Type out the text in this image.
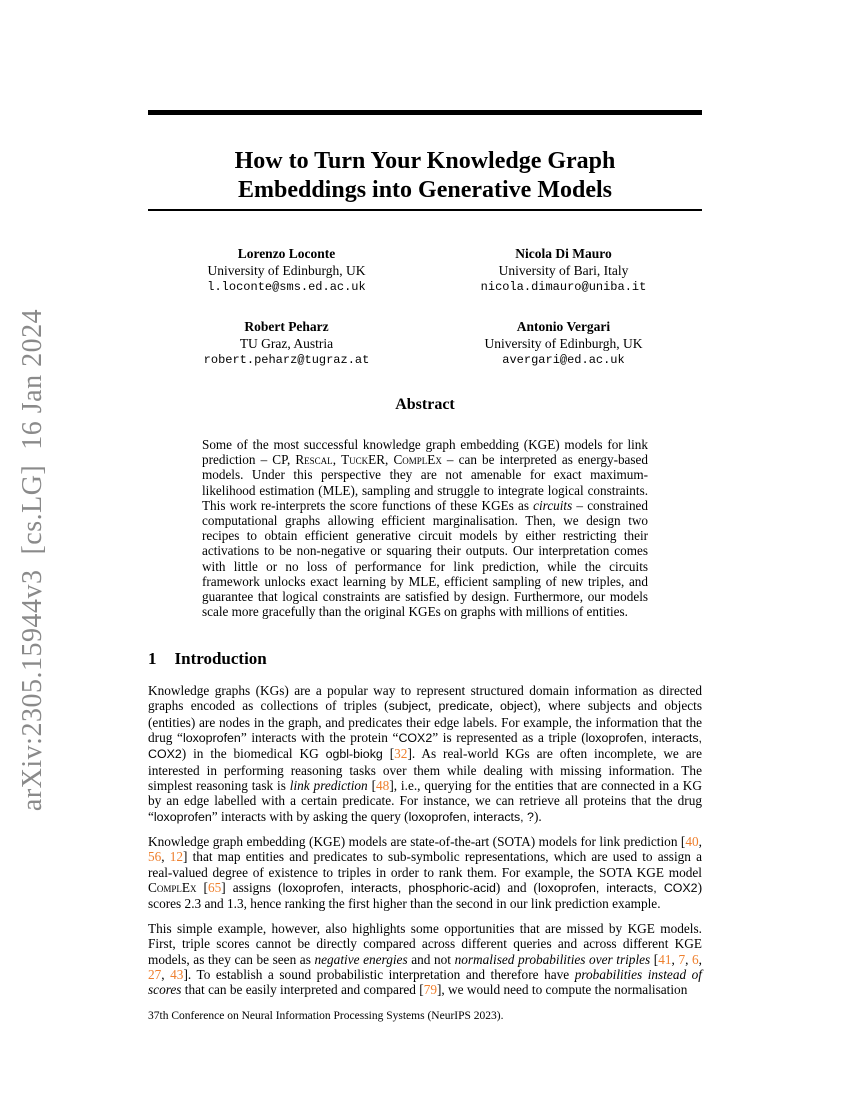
arXiv:2305.15944v3  [cs.LG]  16 Jan 2024
How to Turn Your Knowledge Graph
Embeddings into Generative Models
Lorenzo Loconte
University of Edinburgh, UK
l.loconte@sms.ed.ac.uk
Nicola Di Mauro
University of Bari, Italy
nicola.dimauro@uniba.it
Robert Peharz
TU Graz, Austria
robert.peharz@tugraz.at
Antonio Vergari
University of Edinburgh, UK
avergari@ed.ac.uk
Abstract
Some of the most successful knowledge graph embedding (KGE) models for link prediction – CP, Rescal, TuckER, ComplEx – can be interpreted as energy-based models. Under this perspective they are not amenable for exact maximum-likelihood estimation (MLE), sampling and struggle to integrate logical constraints. This work re-interprets the score functions of these KGEs as circuits – constrained computational graphs allowing efficient marginalisation. Then, we design two recipes to obtain efficient generative circuit models by either restricting their activations to be non-negative or squaring their outputs. Our interpretation comes with little or no loss of performance for link prediction, while the circuits framework unlocks exact learning by MLE, efficient sampling of new triples, and guarantee that logical constraints are satisfied by design. Furthermore, our models scale more gracefully than the original KGEs on graphs with millions of entities.
1 Introduction

Knowledge graphs (KGs) are a popular way to represent structured domain information as directed graphs encoded as collections of triples (subject, predicate, object), where subjects and objects (entities) are nodes in the graph, and predicates their edge labels. For example, the information that the drug “loxoprofen” interacts with the protein “COX2” is represented as a triple (loxoprofen, interacts, COX2) in the biomedical KG ogbl-biokg [32]. As real-world KGs are often incomplete, we are interested in performing reasoning tasks over them while dealing with missing information. The simplest reasoning task is link prediction [48], i.e., querying for the entities that are connected in a KG by an edge labelled with a certain predicate. For instance, we can retrieve all proteins that the drug “loxoprofen” interacts with by asking the query (loxoprofen, interacts, ?).

Knowledge graph embedding (KGE) models are state-of-the-art (SOTA) models for link prediction [40, 56, 12] that map entities and predicates to sub-symbolic representations, which are used to assign a real-valued degree of existence to triples in order to rank them. For example, the SOTA KGE model ComplEx [65] assigns (loxoprofen, interacts, phosphoric-acid) and (loxoprofen, interacts, COX2) scores 2.3 and 1.3, hence ranking the first higher than the second in our link prediction example.

This simple example, however, also highlights some opportunities that are missed by KGE models. First, triple scores cannot be directly compared across different queries and across different KGE models, as they can be seen as negative energies and not normalised probabilities over triples [41, 7, 6, 27, 43]. To establish a sound probabilistic interpretation and therefore have probabilities instead of scores that can be easily interpreted and compared [79], we would need to compute the normalisation

37th Conference on Neural Information Processing Systems (NeurIPS 2023).
